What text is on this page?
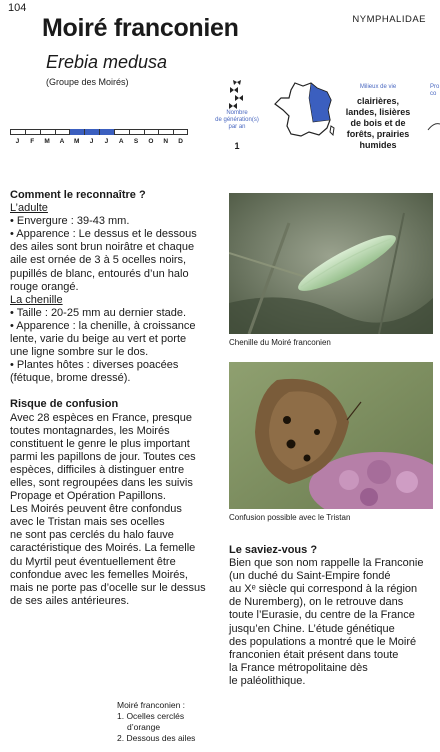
104
NYMPHALIDAE
Moiré franconien
Erebia medusa
(Groupe des Moirés)
J	F	M	A	M	J	J	A	S	O	N	D
Nombre
de génération(s)
par an
1
Milieux de vie
clairières,
landes, lisières
de bois et de
forêts, prairies
humides
Pro
co

Comment le reconnaître ?

L’adulte

• Envergure : 39-43 mm.
• Apparence : Le dessus et le dessous
des ailes sont brun noirâtre et chaque
aile est ornée de 3 à 5 ocelles noirs,
pupillés de blanc, entourés d’un halo
rouge orangé.

La chenille

• Taille : 20-25 mm au dernier stade.
• Apparence : la chenille, à croissance
lente, varie du beige au vert et porte
une ligne sombre sur le dos.
• Plantes hôtes : diverses poacées
(fétuque, brome dressé).

Risque de confusion

Avec 28 espèces en France, presque
toutes montagnardes, les Moirés
constituent le genre le plus important
parmi les papillons de jour. Toutes ces
espèces, difficiles à distinguer entre
elles, sont regroupées dans les suivis
Propage et Opération Papillons.
Les Moirés peuvent être confondus
avec le Tristan mais ses ocelles
ne sont pas cerclés du halo fauve
caractéristique des Moirés. La femelle
du Myrtil peut éventuellement être
confondue avec les femelles Moirés,
mais ne porte pas d’ocelle sur le dessus
de ses ailes antérieures.
Chenille du Moiré franconien
Confusion possible avec le Tristan

Le saviez-vous ?

Bien que son nom rappelle la Franconie
(un duché du Saint-Empire fondé
au Xᵉ siècle qui correspond à la région
de Nuremberg), on le retrouve dans
toute l’Eurasie, du centre de la France
jusqu’en Chine. L’étude génétique
des populations a montré que le Moiré
franconien était présent dans toute
la France métropolitaine dès
le paléolithique.
Moiré franconien :
1. Ocelles cerclés
d’orange
2. Dessous des ailes
